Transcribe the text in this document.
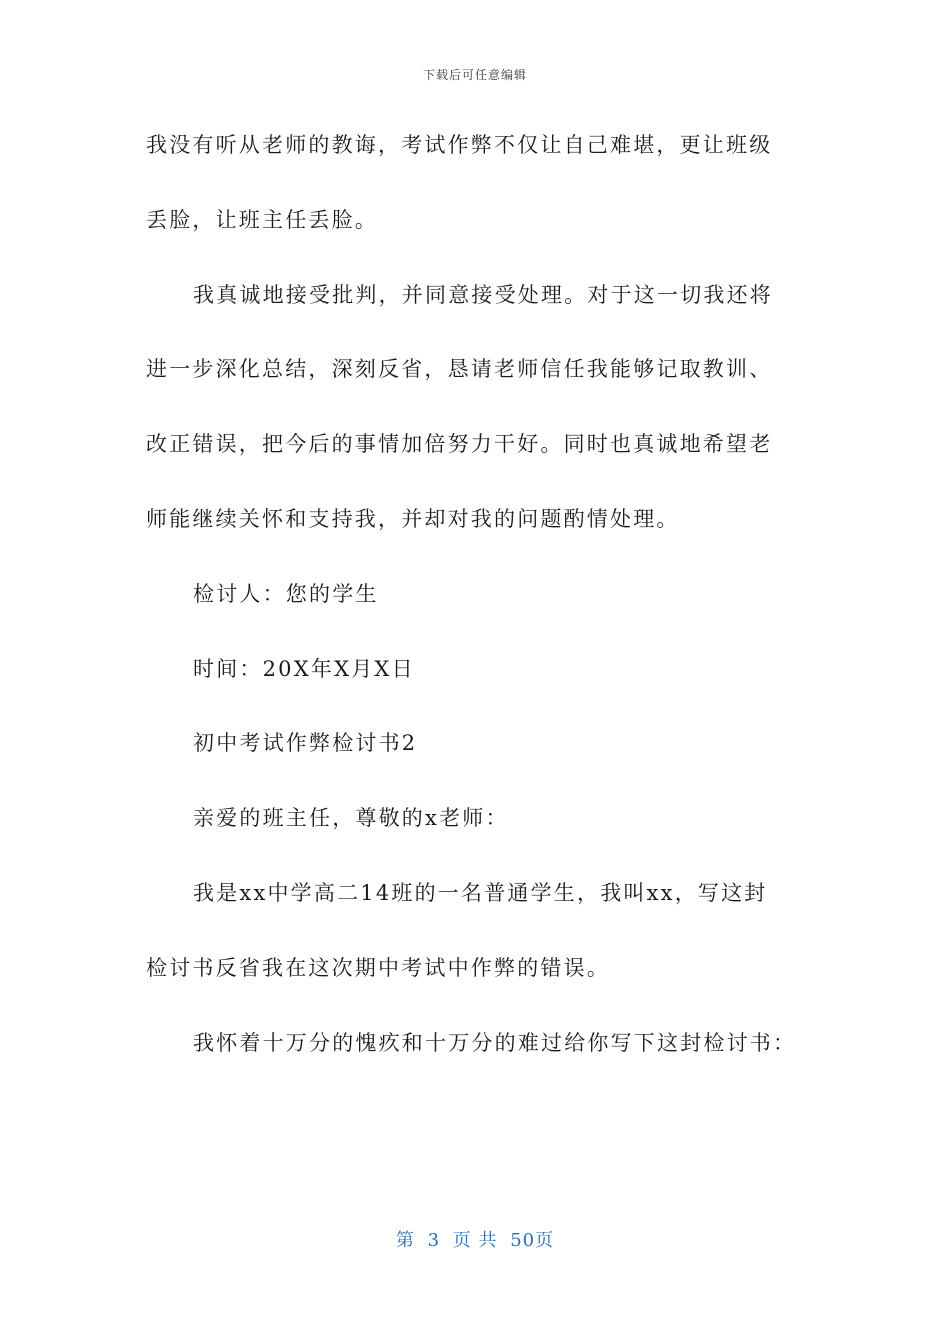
下载后可任意编辑
我没有听从老师的教诲，考试作弊不仅让自己难堪，更让班级
丢脸，让班主任丢脸。
我真诚地接受批判，并同意接受处理。对于这一切我还将
进一步深化总结，深刻反省，恳请老师信任我能够记取教训、
改正错误，把今后的事情加倍努力干好。同时也真诚地希望老
师能继续关怀和支持我，并却对我的问题酌情处理。
检讨人：您的学生
时间：20X年X月X日
初中考试作弊检讨书2
亲爱的班主任，尊敬的x老师：
我是xx中学高二14班的一名普通学生，我叫xx，写这封
检讨书反省我在这次期中考试中作弊的错误。
我怀着十万分的愧疚和十万分的难过给你写下这封检讨书：
第 3 页 共 50页
